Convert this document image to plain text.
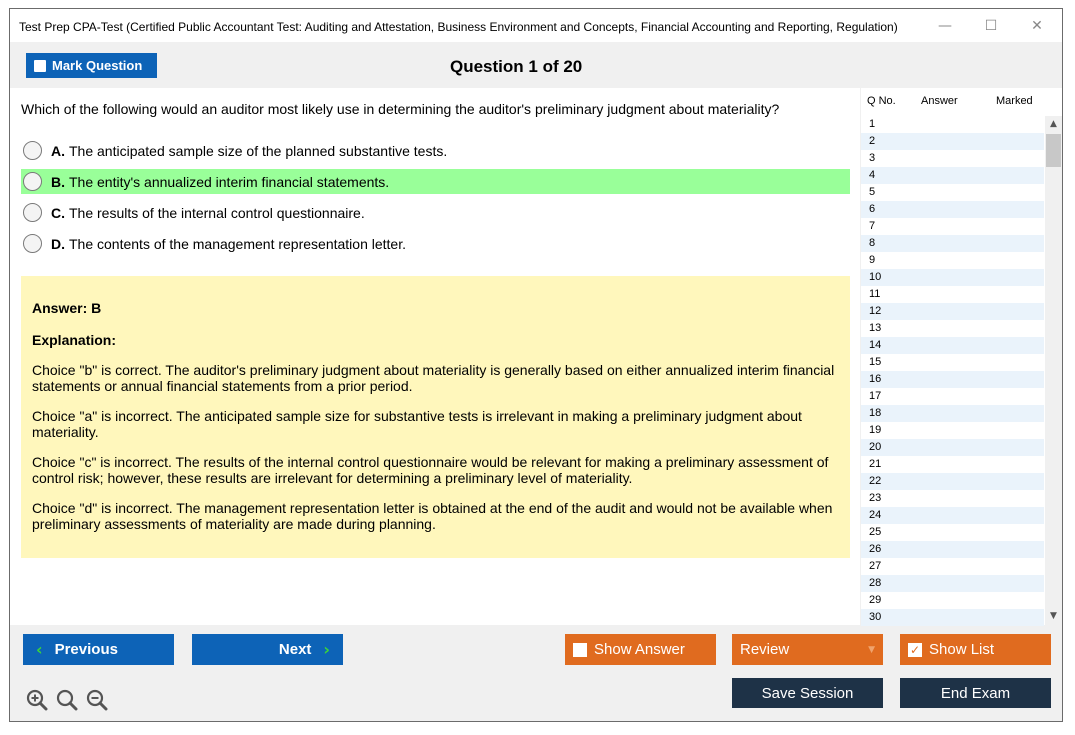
Test Prep CPA-Test (Certified Public Accountant Test: Auditing and Attestation, Business Environment and Concepts, Financial Accounting and Reporting, Regulation)	—	☐	✕
Mark Question	Question 1 of 20
Which of the following would an auditor most likely use in determining the auditor's preliminary judgment about materiality?
A. The anticipated sample size of the planned substantive tests.
B. The entity's annualized interim financial statements.
C. The results of the internal control questionnaire.
D. The contents of the management representation letter.
Answer: B
Explanation:

Choice "b" is correct. The auditor's preliminary judgment about materiality is generally based on either annualized interim financial statements or annual financial statements from a prior period.

Choice "a" is incorrect. The anticipated sample size for substantive tests is irrelevant in making a preliminary judgment about materiality.

Choice "c" is incorrect. The results of the internal control questionnaire would be relevant for making a preliminary assessment of control risk; however, these results are irrelevant for determining a preliminary level of materiality.

Choice "d" is incorrect. The management representation letter is obtained at the end of the audit and would not be available when preliminary assessments of materiality are made during planning.

Q No. Answer	Marked
1
2
3
4
5
6
7
8
9
10
11
12
13
14
15
16
17
18
19
20
21
22
23
24
25
26
27
28
29
30
▲
▼
‹ Previous	Next ›	Show Answer	Review	▼	✓ Show List
Save Session	End Exam
